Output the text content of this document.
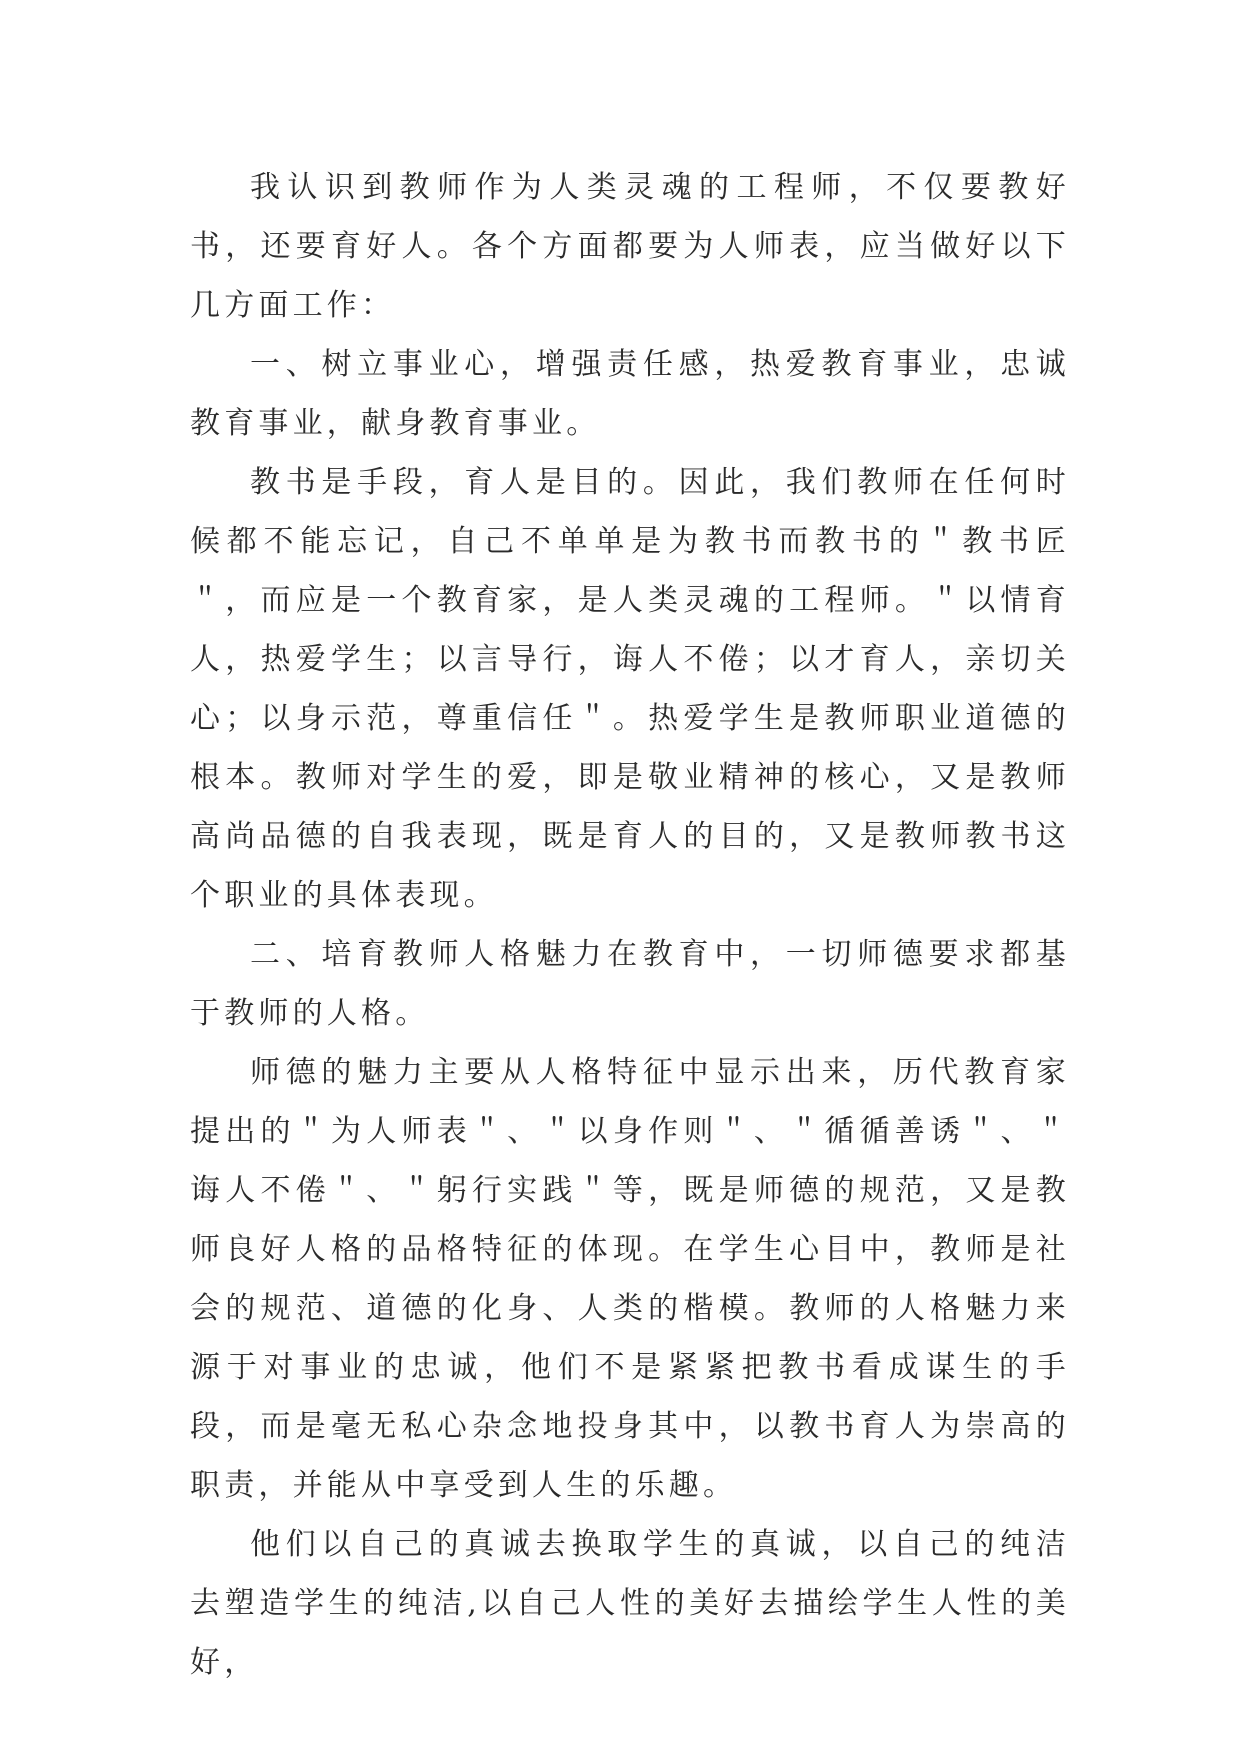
我认识到教师作为人类灵魂的工程师，不仅要教好书，还要育好人。各个方面都要为人师表，应当做好以下几方面工作：

一、树立事业心，增强责任感，热爱教育事业，忠诚教育事业，献身教育事业。

教书是手段，育人是目的。因此，我们教师在任何时候都不能忘记，自己不单单是为教书而教书的＂教书匠＂，而应是一个教育家，是人类灵魂的工程师。＂以情育人，热爱学生；以言导行，诲人不倦；以才育人，亲切关心；以身示范，尊重信任＂。热爱学生是教师职业道德的根本。教师对学生的爱，即是敬业精神的核心，又是教师高尚品德的自我表现，既是育人的目的，又是教师教书这个职业的具体表现。

二、培育教师人格魅力在教育中，一切师德要求都基于教师的人格。

师德的魅力主要从人格特征中显示出来，历代教育家提出的＂为人师表＂、＂以身作则＂、＂循循善诱＂、＂诲人不倦＂、＂躬行实践＂等，既是师德的规范，又是教师良好人格的品格特征的体现。在学生心目中，教师是社会的规范、道德的化身、人类的楷模。教师的人格魅力来源于对事业的忠诚，他们不是紧紧把教书看成谋生的手段，而是毫无私心杂念地投身其中，以教书育人为崇高的职责，并能从中享受到人生的乐趣。

他们以自己的真诚去换取学生的真诚，以自己的纯洁去塑造学生的纯洁,以自己人性的美好去描绘学生人性的美好，
